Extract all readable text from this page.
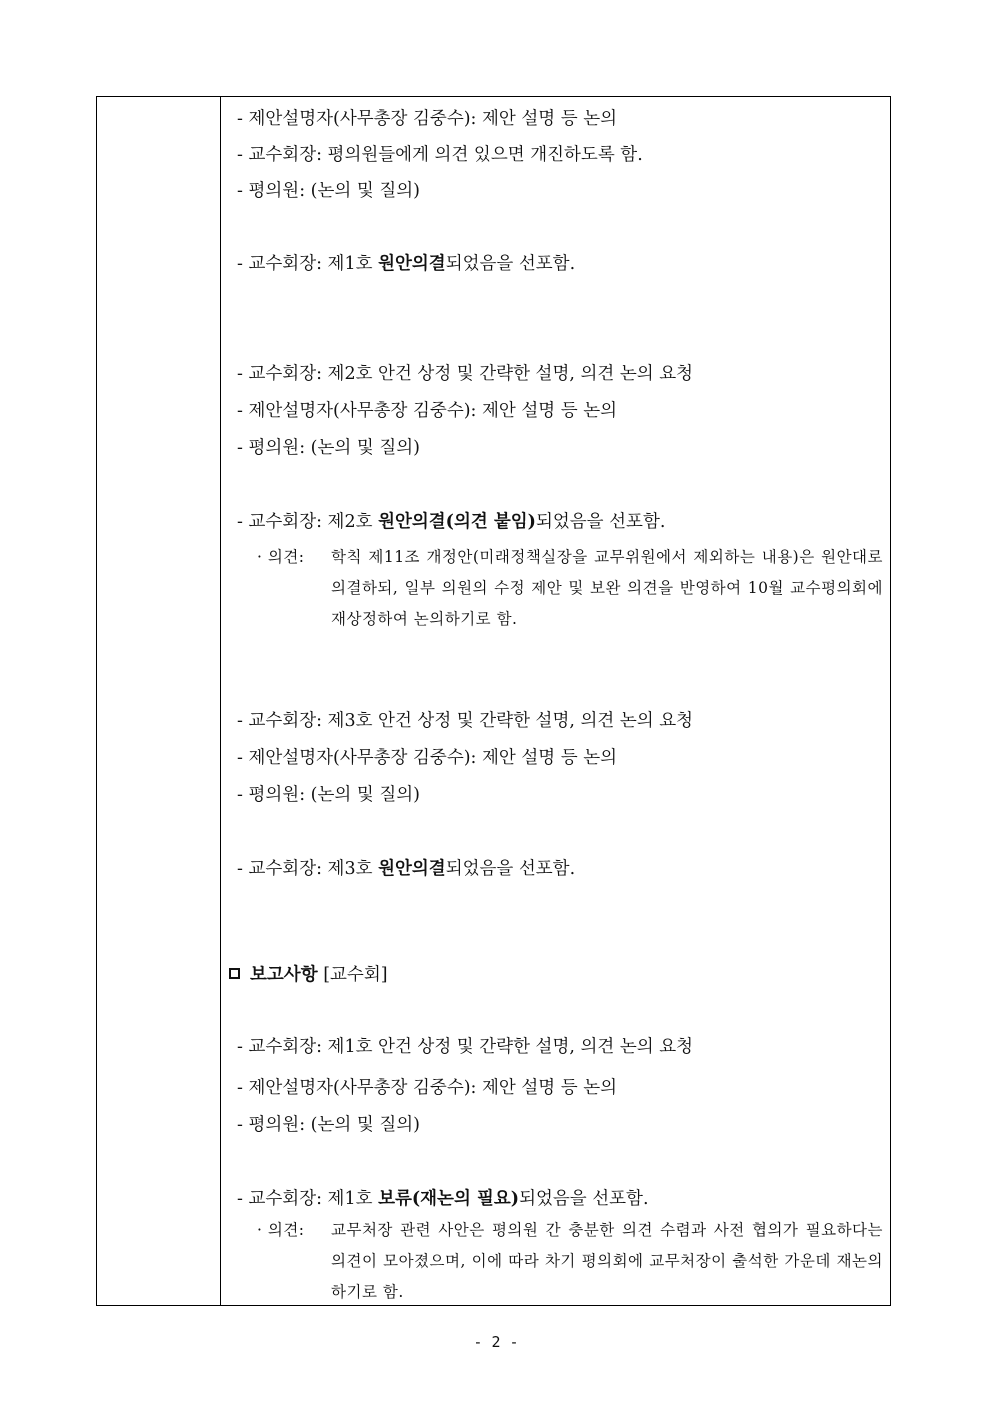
- 제안설명자(사무총장 김중수): 제안 설명 등 논의
- 교수회장: 평의원들에게 의견 있으면 개진하도록 함.
- 평의원: (논의 및 질의)
- 교수회장: 제1호 원안의결되었음을 선포함.
- 교수회장: 제2호 안건 상정 및 간략한 설명, 의견 논의 요청
- 제안설명자(사무총장 김중수): 제안 설명 등 논의
- 평의원: (논의 및 질의)
- 교수회장: 제2호 원안의결(의견 붙임)되었음을 선포함.
· 의견: 학칙 제11조 개정안(미래정책실장을 교무위원에서 제외하는 내용)은 원안대로 의결하되, 일부 의원의 수정 제안 및 보완 의견을 반영하여 10월 교수평의회에 재상정하여 논의하기로 함.
- 교수회장: 제3호 안건 상정 및 간략한 설명, 의견 논의 요청
- 제안설명자(사무총장 김중수): 제안 설명 등 논의
- 평의원: (논의 및 질의)
- 교수회장: 제3호 원안의결되었음을 선포함.
보고사항 [교수회]
- 교수회장: 제1호 안건 상정 및 간략한 설명, 의견 논의 요청
- 제안설명자(사무총장 김중수): 제안 설명 등 논의
- 평의원: (논의 및 질의)
- 교수회장: 제1호 보류(재논의 필요)되었음을 선포함.
· 의견: 교무처장 관련 사안은 평의원 간 충분한 의견 수렴과 사전 협의가 필요하다는 의견이 모아졌으며, 이에 따라 차기 평의회에 교무처장이 출석한 가운데 재논의하기로 함.
- 2 -
